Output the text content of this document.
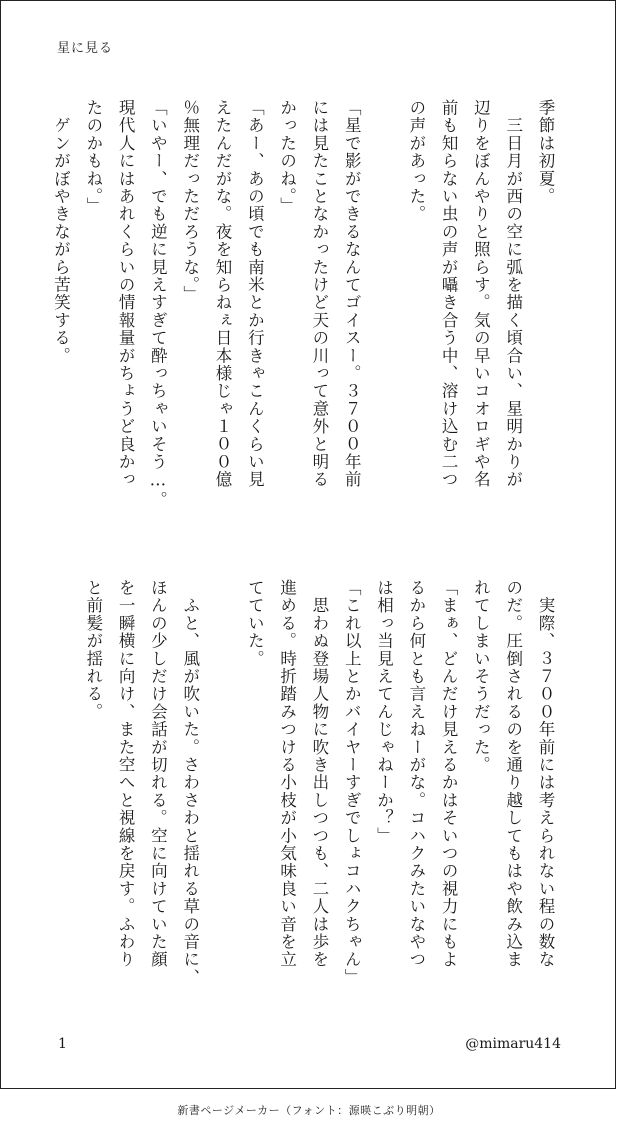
星に見る
季節は初夏。
　三日月が西の空に弧を描く頃合い、星明かりが
辺りをぼんやりと照らす。気の早いコオロギや名
前も知らない虫の声が囁き合う中、溶け込む二つ
の声があった。
「星で影ができるなんてゴイスー。３７００年前
には見たことなかったけど天の川って意外と明る
かったのね。」
「あー、あの頃でも南米とか行きゃこんくらい見
えたんだがな。夜を知らねぇ日本様じゃ１００億
％無理だっただろうな。」
「いやー、でも逆に見えすぎて酔っちゃいそう…。
現代人にはあれくらいの情報量がちょうど良かっ
たのかもね。」
　ゲンがぼやきながら苦笑する。
　実際、３７００年前には考えられない程の数な
のだ。圧倒されるのを通り越してもはや飲み込ま
れてしまいそうだった。
「まぁ、どんだけ見えるかはそいつの視力にもよ
るから何とも言えねーがな。コハクみたいなやつ
は相っ当見えてんじゃねーか？」
「これ以上とかバイヤーすぎでしょコハクちゃん」
　思わぬ登場人物に吹き出しつつも、二人は歩を
進める。時折踏みつける小枝が小気味良い音を立
てていた。
　ふと、風が吹いた。さわさわと揺れる草の音に、
ほんの少しだけ会話が切れる。空に向けていた顔
を一瞬横に向け、また空へと視線を戻す。ふわり
と前髪が揺れる。
1	@mimaru414
新書ページメーカー（フォント：源暎こぶり明朝）
